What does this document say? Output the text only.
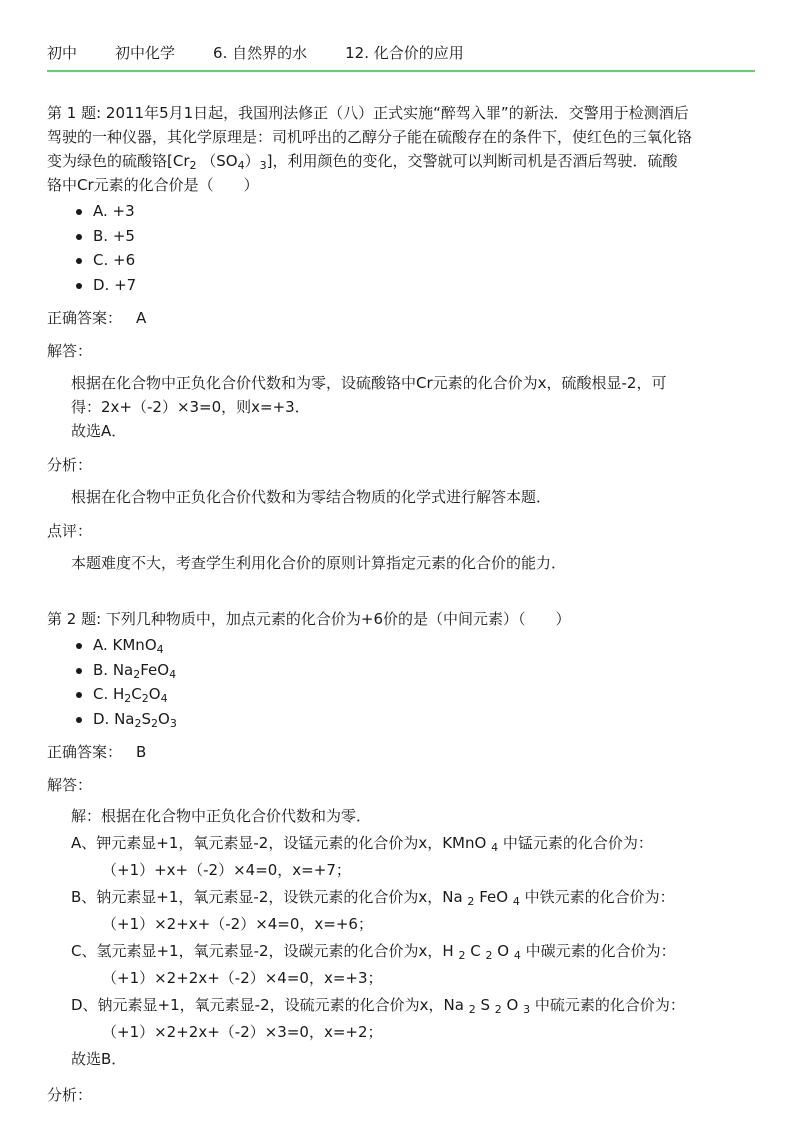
初中	初中化学	6. 自然界的水	12. 化合价的应用
第 1 题: 2011年5月1日起，我国刑法修正（八）正式实施“醉驾入罪”的新法．交警用于检测酒后
驾驶的一种仪器，其化学原理是：司机呼出的乙醇分子能在硫酸存在的条件下，使红色的三氧化铬
变为绿色的硫酸铬[$Cr_2$ $(SO_4)_3$]，利用颜色的变化，交警就可以判断司机是否酒后驾驶．硫酸
铬中Cr元素的化合价是（　　）
A. +3
B. +5
C. +6
D. +7
正确答案： A
解答：
根据在化合物中正负化合价代数和为零，设硫酸铬中Cr元素的化合价为x，硫酸根显-2，可
得：2x+（-2）×3=0，则x=+3．
故选A．
分析：
根据在化合物中正负化合价代数和为零结合物质的化学式进行解答本题．
点评：
本题难度不大，考查学生利用化合价的原则计算指定元素的化合价的能力．
第 2 题: 下列几种物质中，加点元素的化合价为+6价的是（中间元素）（　　）
A. KMnO$_4$
B. $Na_2FeO_4$
C. $H_2C_2O_4$
D. $Na_2S_2O_3$
正确答案： B
解答：
解：根据在化合物中正负化合价代数和为零．
A、钾元素显+1，氧元素显-2，设锰元素的化合价为x，KMnO $_4$ 中锰元素的化合价为：
（+1）+x+（-2）×4=0，x=+7；
B、钠元素显+1，氧元素显-2，设铁元素的化合价为x，Na $_2$ FeO $_4$ 中铁元素的化合价为：
（+1）×2+x+（-2）×4=0，x=+6；
C、氢元素显+1，氧元素显-2，设碳元素的化合价为x，H $_2$ C $_2$ O $_4$ 中碳元素的化合价为：
（+1）×2+2x+（-2）×4=0，x=+3；
D、钠元素显+1，氧元素显-2，设硫元素的化合价为x，Na $_2$ S $_2$ O $_3$ 中硫元素的化合价为：
（+1）×2+2x+（-2）×3=0，x=+2；
故选B．
分析：
